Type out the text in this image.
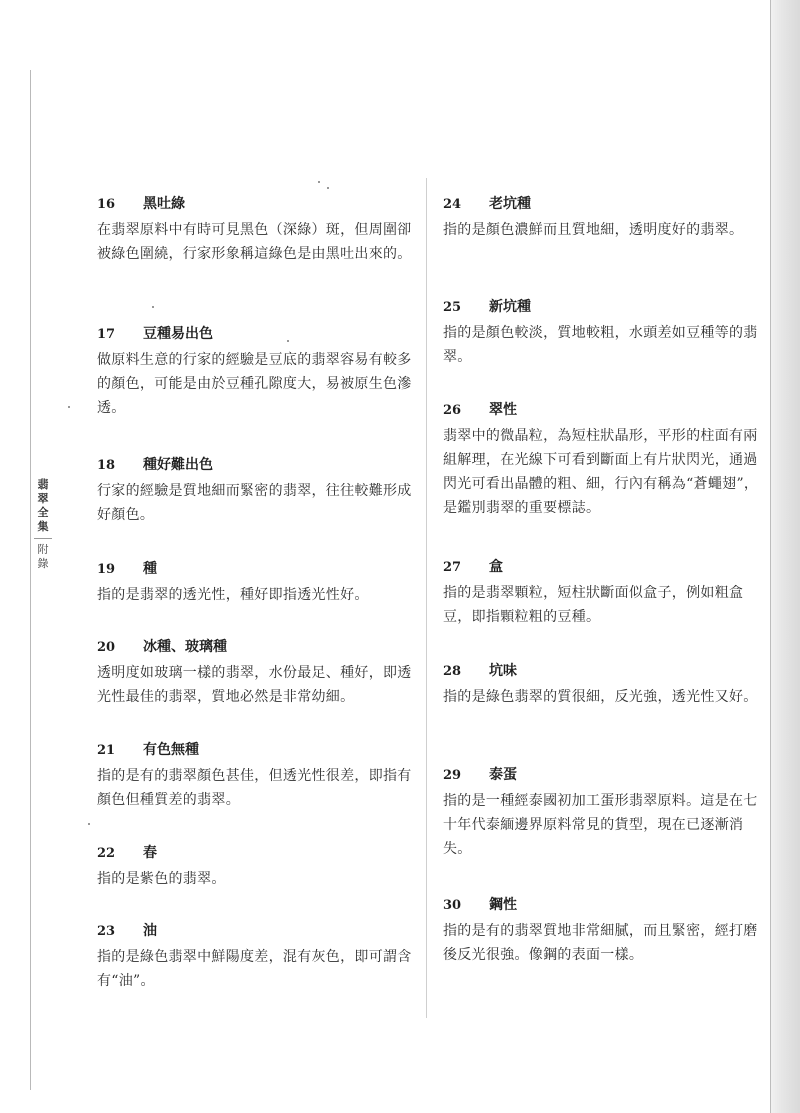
翡翠全集
附錄
16 黑吐綠
在翡翠原料中有時可見黑色（深綠）斑，但周圍卻被綠色圍繞，行家形象稱這綠色是由黑吐出來的。
17 豆種易出色
做原料生意的行家的經驗是豆底的翡翠容易有較多的顏色，可能是由於豆種孔隙度大，易被原生色滲透。
18 種好難出色
行家的經驗是質地細而緊密的翡翠，往往較難形成好顏色。
19 種
指的是翡翠的透光性，種好即指透光性好。
20 冰種、玻璃種
透明度如玻璃一樣的翡翠，水份最足、種好，即透光性最佳的翡翠，質地必然是非常幼細。
21 有色無種
指的是有的翡翠顏色甚佳，但透光性很差，即指有顏色但種質差的翡翠。
22 春
指的是紫色的翡翠。
23 油
指的是綠色翡翠中鮮陽度差，混有灰色，即可謂含有“油”。
24 老坑種
指的是顏色濃鮮而且質地細，透明度好的翡翠。
25 新坑種
指的是顏色較淡，質地較粗，水頭差如豆種等的翡翠。
26 翠性
翡翠中的微晶粒，為短柱狀晶形，平形的柱面有兩組解理，在光線下可看到斷面上有片狀閃光，通過閃光可看出晶體的粗、細，行內有稱為“蒼蠅翅”，是鑑別翡翠的重要標誌。
27 盒
指的是翡翠顆粒，短柱狀斷面似盒子，例如粗盒豆，即指顆粒粗的豆種。
28 坑味
指的是綠色翡翠的質很細，反光強，透光性又好。
29 泰蛋
指的是一種經泰國初加工蛋形翡翠原料。這是在七十年代泰緬邊界原料常見的貨型，現在已逐漸消失。
30 鋼性
指的是有的翡翠質地非常細膩，而且緊密，經打磨後反光很強。像鋼的表面一樣。
